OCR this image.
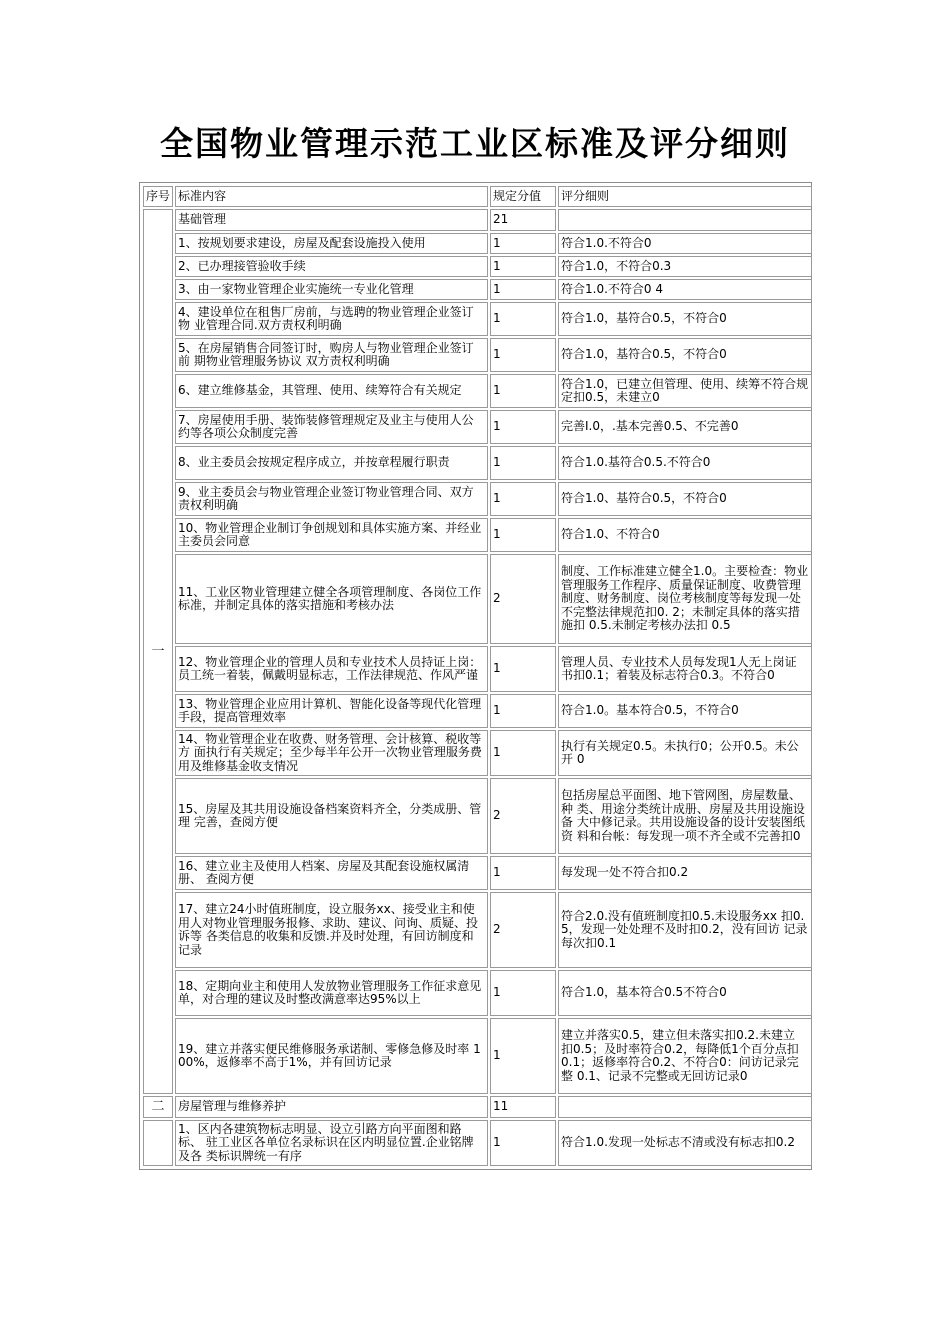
全国物业管理示范工业区标准及评分细则
序号	标准内容	规定分值	评分细则
一	基础管理	21	
	1、按规划要求建设，房屋及配套设施投入使用	1	符合1.0.不符合0
	2、已办理接管验收手续	1	符合1.0，不符合0.3
	3、由一家物业管理企业实施统一专业化管理	1	符合1.0.不符合0 4
	4、建设单位在租售厂房前，与选聘的物业管理企业签订物 业管理合同.双方责权利明确	1	符合1.0，基符合0.5，不符合0
	5、在房屋销售合同签订时，购房人与物业管理企业签订前 期物业管理服务协议 双方责权利明确	1	符合1.0，基符合0.5，不符合0
	6、建立维修基金，其管理、使用、续筹符合有关规定	1	符合1.0，已建立但管理、使用、续筹不符合规定扣0.5，未建立0
	7、房屋使用手册、装饰装修管理规定及业主与使用人公约等各项公众制度完善	1	完善I.0，.基本完善0.5、不完善0
	8、业主委员会按规定程序成立，并按章程履行职责	1	符合1.0.基符合0.5.不符合0
	9、业主委员会与物业管理企业签订物业管理合同、双方责权利明确	1	符合1.0、基符合0.5，不符合0
	10、物业管理企业制订争创规划和具体实施方案、并经业主委员会同意	1	符合1.0、不符合0
	11、工业区物业管理建立健全各项管理制度、各岗位工作标准，并制定具体的落实措施和考核办法	2	制度、工作标准建立健全1.0。主要检查：物业 管理服务工作程序、质量保证制度、收费管理 制度、财务制度、岗位考核制度等每发现一处 不完整法律规范扣0. 2；未制定具体的落实措施扣 0.5.未制定考核办法扣 0.5
	12、物业管理企业的管理人员和专业技术人员持证上岗：员工统一着装，佩戴明显标志，工作法律规范、作风严谨	1	管理人员、专业技术人员每发现1人无上岗证 书扣0.1；着装及标志符合0.3。不符合0
	13、物业管理企业应用计算机、智能化设备等现代化管理 手段，提高管理效率	1	符合1.0。基本符合0.5，不符合0
	14、物业管理企业在收费、财务管理、会计核算、税收等方 面执行有关规定；至少每半年公开一次物业管理服务费用及维修基金收支情况	1	执行有关规定0.5。未执行0；公开0.5。未公开 0
	15、房屋及其共用设施设备档案资料齐全，分类成册、管理 完善，查阅方便	2	包括房屋总平面图、地下管网图，房屋数量、种 类、用途分类统计成册、房屋及共用设施设备 大中修记录。共用设施设备的设计安装图纸资 料和台帐：每发现一项不齐全或不完善扣0
	16、建立业主及使用人档案、房屋及其配套设施权属清册、 查阅方便	1	每发现一处不符合扣0.2
	17、建立24小时值班制度，设立服务xx、接受业主和使 用人对物业管理服务报修、求助、建议、问询、质疑、投诉等 各类信息的收集和反馈.并及时处理，有回访制度和记录	2	符合2.0.没有值班制度扣0.5.未设服务xx 扣0.5，发现一处处理不及时扣0.2，没有回访 记录每次扣0.1
	18、定期向业主和使用人发放物业管理服务工作征求意见 单，对合理的建议及时整改满意率达95%以上	1	符合1.0，基本符合0.5不符合0
	19、建立并落实便民维修服务承诺制、零修急修及时率 100%，返修率不高于1%，并有回访记录	1	建立并落实0.5，建立但未落实扣0.2.未建立 扣0.5；及时率符合0.2，每降低1个百分点扣 0.1；返修率符合0.2、不符合0：问访记录完整 0.1、记录不完整或无回访记录0
二	房屋管理与维修养护	11	
	1、区内各建筑物标志明显、设立引路方向平面图和路标、 驻工业区各单位名录标识在区内明显位置.企业铭牌及各 类标识牌统一有序	1	符合1.0.发现一处标志不清或没有标志扣0.2
